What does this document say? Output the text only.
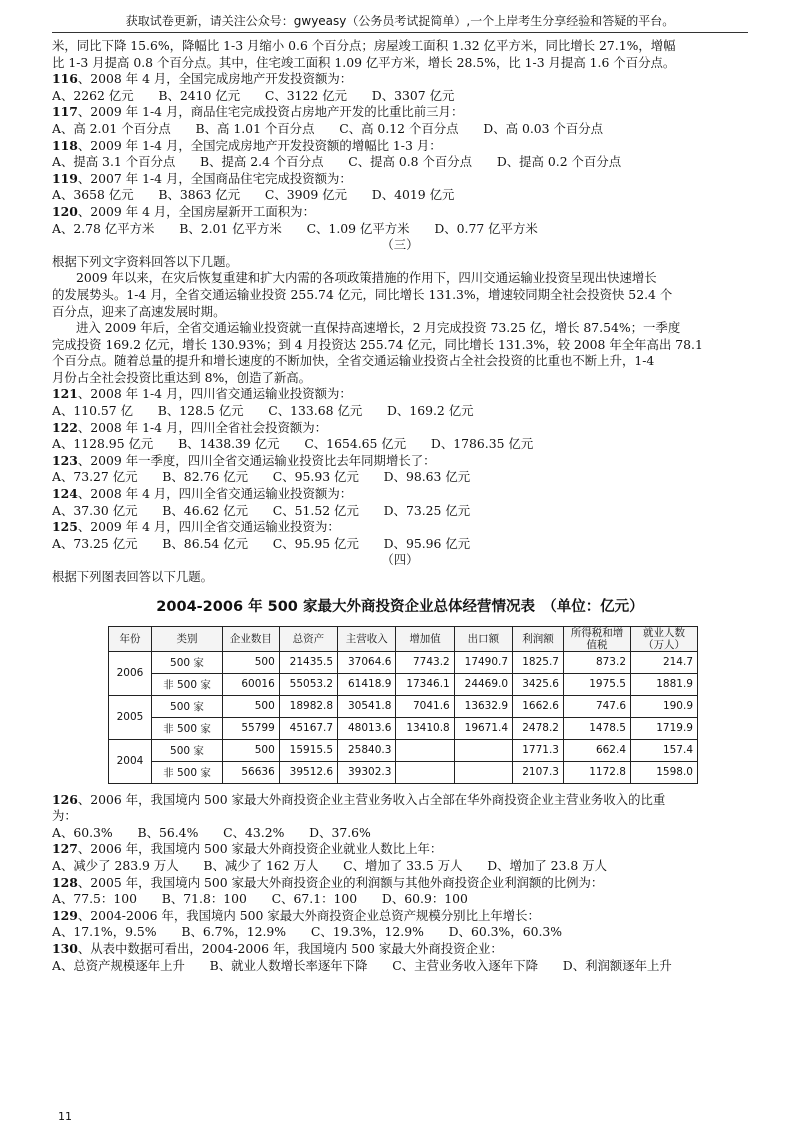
获取试卷更新，请关注公众号：gwyeasy（公务员考试捉简单）,一个上岸考生分享经验和答疑的平台。
米，同比下降 15.6%，降幅比 1-3 月缩小 0.6 个百分点；房屋竣工面积 1.32 亿平方米，同比增长 27.1%，增幅
比 1-3 月提高 0.8 个百分点。其中，住宅竣工面积 1.09 亿平方米，增长 28.5%，比 1-3 月提高 1.6 个百分点。
116、2008 年 4 月，全国完成房地产开发投资额为：
A、2262 亿元　　B、2410 亿元　　C、3122 亿元　　D、3307 亿元
117、2009 年 1-4 月，商品住宅完成投资占房地产开发的比重比前三月：
A、高 2.01 个百分点　　B、高 1.01 个百分点　　C、高 0.12 个百分点　　D、高 0.03 个百分点
118、2009 年 1-4 月，全国完成房地产开发投资额的增幅比 1-3 月：
A、提高 3.1 个百分点　　B、提高 2.4 个百分点　　C、提高 0.8 个百分点　　D、提高 0.2 个百分点
119、2007 年 1-4 月，全国商品住宅完成投资额为：
A、3658 亿元　　B、3863 亿元　　C、3909 亿元　　D、4019 亿元
120、2009 年 4 月，全国房屋新开工面积为：
A、2.78 亿平方米　　B、2.01 亿平方米　　C、1.09 亿平方米　　D、0.77 亿平方米
（三）
根据下列文字资料回答以下几题。
2009 年以来，在灾后恢复重建和扩大内需的各项政策措施的作用下，四川交通运输业投资呈现出快速增长
的发展势头。1-4 月，全省交通运输业投资 255.74 亿元，同比增长 131.3%，增速较同期全社会投资快 52.4 个
百分点，迎来了高速发展时期。
进入 2009 年后，全省交通运输业投资就一直保持高速增长，2 月完成投资 73.25 亿，增长 87.54%；一季度
完成投资 169.2 亿元，增长 130.93%；到 4 月投资达 255.74 亿元，同比增长 131.3%，较 2008 年全年高出 78.1
个百分点。随着总量的提升和增长速度的不断加快，全省交通运输业投资占全社会投资的比重也不断上升，1-4
月份占全社会投资比重达到 8%，创造了新高。
121、2008 年 1-4 月，四川省交通运输业投资额为：
A、110.57 亿　　B、128.5 亿元　　C、133.68 亿元　　D、169.2 亿元
122、2008 年 1-4 月，四川全省社会投资额为：
A、1128.95 亿元　　B、1438.39 亿元　　C、1654.65 亿元　　D、1786.35 亿元
123、2009 年一季度，四川全省交通运输业投资比去年同期增长了：
A、73.27 亿元　　B、82.76 亿元　　C、95.93 亿元　　D、98.63 亿元
124、2008 年 4 月，四川全省交通运输业投资额为：
A、37.30 亿元　　B、46.62 亿元　　C、51.52 亿元　　D、73.25 亿元
125、2009 年 4 月，四川全省交通运输业投资为：
A、73.25 亿元　　B、86.54 亿元　　C、95.95 亿元　　D、95.96 亿元
（四）
根据下列图表回答以下几题。
2004-2006 年 500 家最大外商投资企业总体经营情况表　（单位：亿元）
年份	类别	企业数目	总资产	主营收入	增加值	出口额	利润额	所得税和增值税	就业人数（万人）
2006	500 家	500	21435.5	37064.6	7743.2	17490.7	1825.7	873.2	214.7
	非 500 家	60016	55053.2	61418.9	17346.1	24469.0	3425.6	1975.5	1881.9
2005	500 家	500	18982.8	30541.8	7041.6	13632.9	1662.6	747.6	190.9
	非 500 家	55799	45167.7	48013.6	13410.8	19671.4	2478.2	1478.5	1719.9
2004	500 家	500	15915.5	25840.3			1771.3	662.4	157.4
	非 500 家	56636	39512.6	39302.3			2107.3	1172.8	1598.0
126、2006 年，我国境内 500 家最大外商投资企业主营业务收入占全部在华外商投资企业主营业务收入的比重
为：
A、60.3%　　B、56.4%　　C、43.2%　　D、37.6%
127、2006 年，我国境内 500 家最大外商投资企业就业人数比上年：
A、减少了 283.9 万人　　B、减少了 162 万人　　C、增加了 33.5 万人　　D、增加了 23.8 万人
128、2005 年，我国境内 500 家最大外商投资企业的利润额与其他外商投资企业利润额的比例为：
A、77.5：100　　B、71.8：100　　C、67.1：100　　D、60.9：100
129、2004-2006 年，我国境内 500 家最大外商投资企业总资产规模分别比上年增长：
A、17.1%，9.5%　　B、6.7%，12.9%　　C、19.3%，12.9%　　D、60.3%，60.3%
130、从表中数据可看出，2004-2006 年，我国境内 500 家最大外商投资企业：
A、总资产规模逐年上升　　B、就业人数增长率逐年下降　　C、主营业务收入逐年下降　　D、利润额逐年上升
11
